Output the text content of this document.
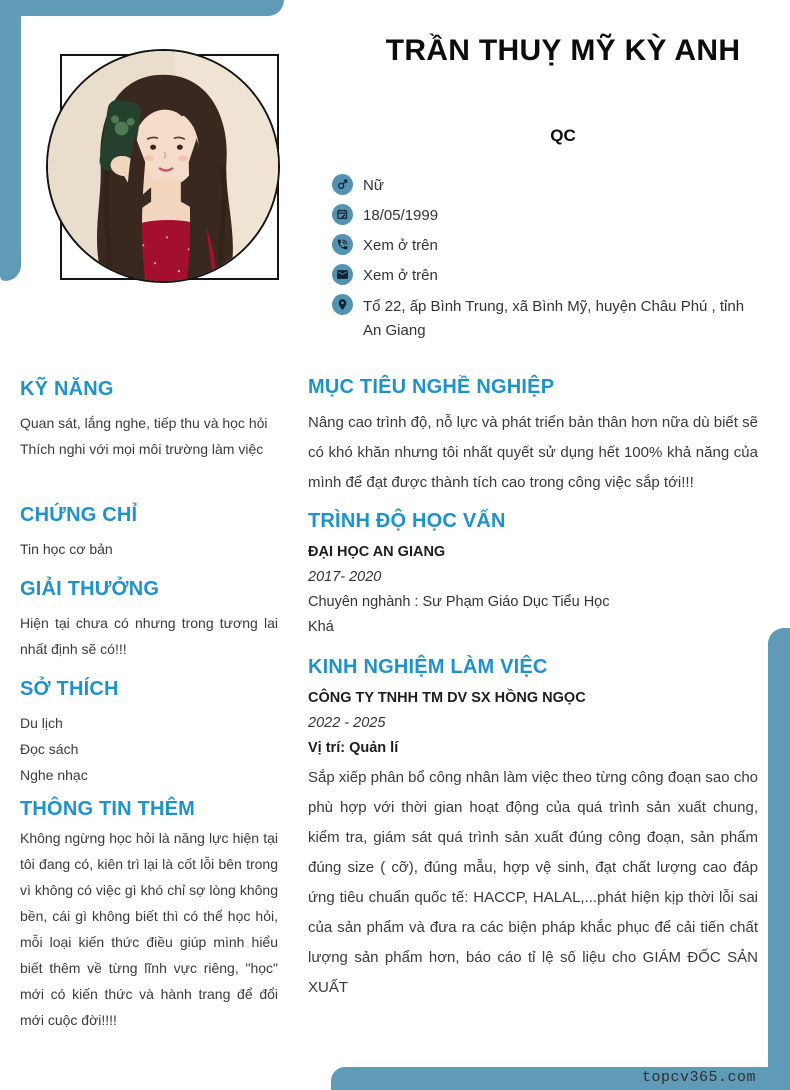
TRẦN THUỴ MỸ KỲ ANH
QC
Nữ
18/05/1999
Xem ở trên
Xem ở trên
Tổ 22, ấp Bình Trung, xã Bình Mỹ, huyện Châu Phú , tỉnh An Giang
KỸ NĂNG
Quan sát, lắng nghe, tiếp thu và học hỏi
Thích nghi với mọi môi trường làm việc
CHỨNG CHỈ
Tin học cơ bản
GIẢI THƯỞNG
Hiện tại chưa có nhưng trong tương lai nhất định sẽ có!!!
SỞ THÍCH
Du lịch
Đọc sách
Nghe nhạc
THÔNG TIN THÊM
Không ngừng học hỏi là năng lực hiện tại tôi đang có, kiên trì lại là cốt lỗi bên trong vì không có việc gì khó chỉ sợ lòng không bền, cái gì không biết thì có thể học hỏi, mỗi loại kiến thức điều giúp mình hiểu biết thêm về từng lĩnh vực riêng, "học" mới có kiến thức và hành trang để đổi mới cuộc đời!!!!
MỤC TIÊU NGHỀ NGHIỆP
Nâng cao trình độ, nỗ lực và phát triển bản thân hơn nữa dù biết sẽ có khó khăn nhưng tôi nhất quyết sử dụng hết 100% khả năng của mình để đạt được thành tích cao trong công việc sắp tới!!!
TRÌNH ĐỘ HỌC VẤN
ĐẠI HỌC AN GIANG
2017- 2020
Chuyên nghành : Sư Phạm Giáo Dục Tiểu Học
Khá
KINH NGHIỆM LÀM VIỆC
CÔNG TY TNHH TM DV SX HỒNG NGỌC
2022 - 2025
Vị trí: Quản lí
Sắp xiếp phân bổ công nhân làm việc theo từng công đoạn sao cho phù hợp với thời gian hoạt động của quá trình sản xuất chung, kiểm tra, giám sát quá trình sản xuất đúng công đoạn, sản phẩm đúng size ( cỡ), đúng mẫu, hợp vệ sinh, đạt chất lượng cao đáp ứng tiêu chuẩn quốc tế: HACCP, HALAL,...phát hiện kịp thời lỗi sai của sản phẩm và đưa ra các biện pháp khắc phục để cải tiến chất lượng sản phẩm hơn, báo cáo tỉ lệ số liệu cho GIÁM ĐỐC SẢN XUẤT
topcv365.com
